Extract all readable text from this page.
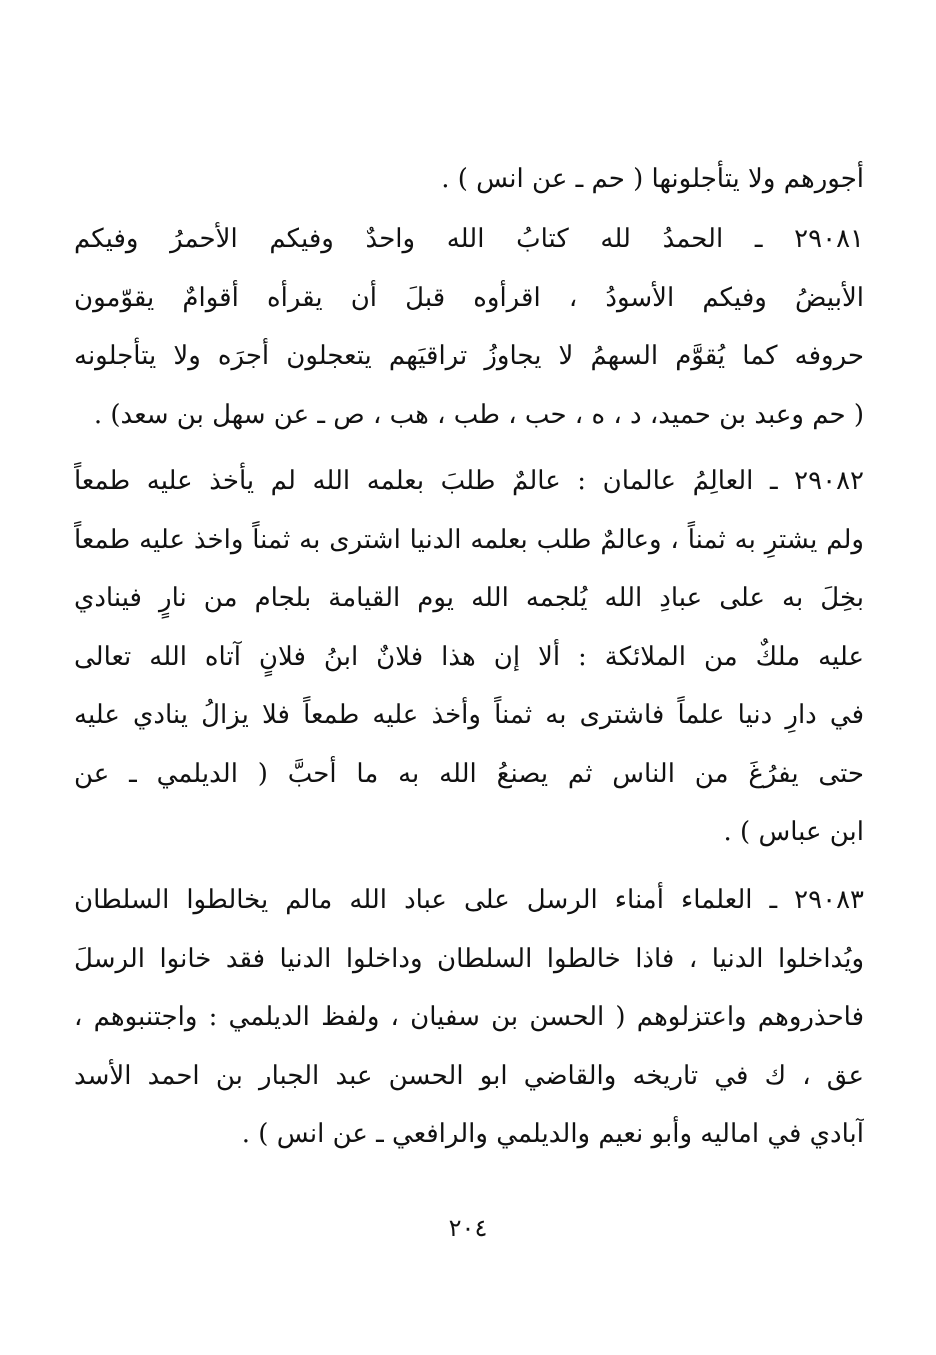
أجورهم ولا يتأجلونها ( حم ـ عن انس ) .
٢٩٠٨١ ـ الحمدُ لله كتابُ الله واحدٌ وفيكم الأحمرُ وفيكم
الأبيضُ وفيكم الأسودُ ، اقرأوه قبلَ أن يقرأه أقوامٌ يقوّمون
حروفه كما يُقوَّم السهمُ لا يجاوزُ تراقيَهم يتعجلون أجرَه ولا يتأجلونه
( حم وعبد بن حميد، د ، ه ، حب ، طب ، هب ، ص ـ عن سهل بن سعد) .
٢٩٠٨٢ ـ العالِمُ عالمان : عالمٌ طلبَ بعلمه الله لم يأخذ عليه طمعاً
ولم يشترِ به ثمناً ، وعالمٌ طلب بعلمه الدنيا اشترى به ثمناً واخذ عليه طمعاً
بخِلَ به على عبادِ الله يُلجمه الله يوم القيامة بلجام من نارٍ فينادي
عليه ملكٌ من الملائكة : ألا إن هذا فلانٌ ابنُ فلانٍ آتاه الله تعالى
في دارِ دنيا علماً فاشترى به ثمناً وأخذ عليه طمعاً فلا يزالُ ينادي عليه
حتى يفرُغَ من الناس ثم يصنعُ الله به ما أحبَّ ( الديلمي ـ عن
ابن عباس ) .
٢٩٠٨٣ ـ العلماء أمناء الرسل على عباد الله مالم يخالطوا السلطان
ويُداخلوا الدنيا ، فاذا خالطوا السلطان وداخلوا الدنيا فقد خانوا الرسلَ
فاحذروهم واعتزلوهم ( الحسن بن سفيان ، ولفظ الديلمي : واجتنبوهم ،
عق ، ك في تاريخه والقاضي ابو الحسن عبد الجبار بن احمد الأسد
آبادي في اماليه وأبو نعيم والديلمي والرافعي ـ عن انس ) .
٢٠٤
